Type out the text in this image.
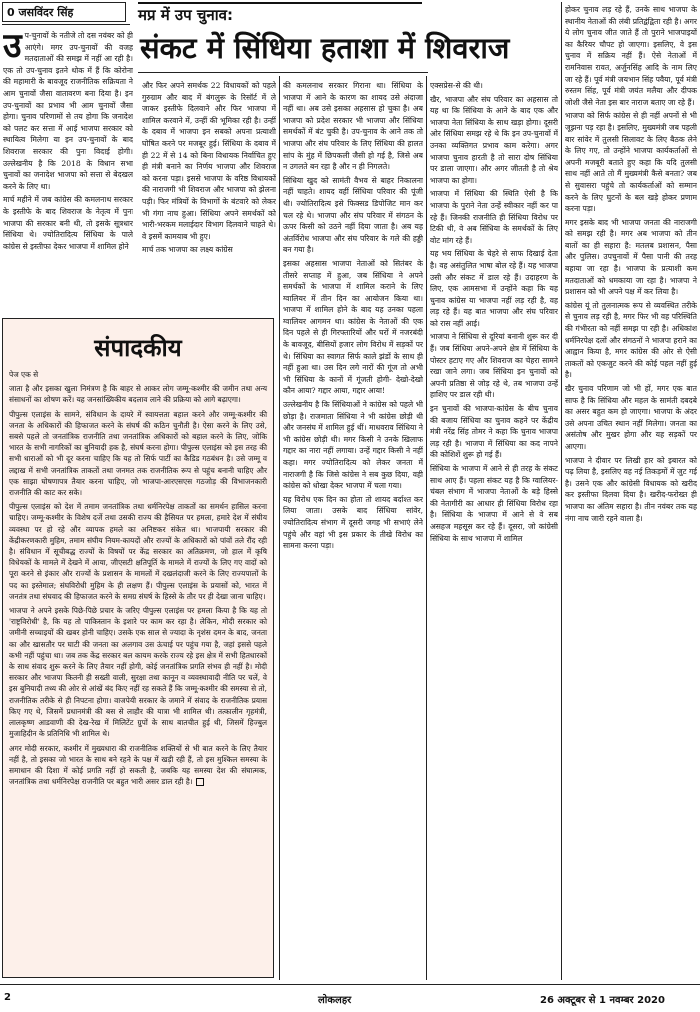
0 जसविंदर सिंह	मप्र में उप चुनाव:
संकट में सिंधिया हताशा में शिवराज
उ प-चुनावों के नतीजे तो दस नवंबर को ही आएंगे। मगर उप-चुनावों की वजह मतदाताओं की समझ में नहीं आ रही है। एक तो उप-चुनाव इतने थोक में हैं कि कोरोना की महामारी के बावजूद राजनीतिक सक्रियता ने आम चुनावों जैसा वातावरण बना दिया है। इन उप-चुनावों का प्रभाव भी आम चुनावों जैसा होगा। चुनाव परिणामों से तय होगा कि जनादेश को पलट कर सत्ता में आई भाजपा सरकार को स्थायित्व मिलेगा या इन उप-चुनावों के बाद शिवराज सरकार की पुनः विदाई होगी। उल्लेखनीय है कि 2018 के विधान सभा चुनावों का जनादेश भाजपा को सत्ता से बेदखल करने के लिए था।

मार्च महीने में जब कांग्रेस की कमलनाथ सरकार के इस्तीफे के बाद शिवराज के नेतृत्व में पुनः भाजपा की सरकार बनी थी, तो इसके सूत्रधार सिंधिया थे। ज्योतिरादित्य सिंधिया के पाले कांग्रेस से इस्तीफा देकर भाजपा में शामिल होने

और फिर अपने समर्थक 22 विधायकों को पहले गुरुग्राम और बाद में बंगलुरू के रिसॉर्ट में ले जाकर इस्तीफे दिलवाने और फिर भाजपा में शामिल करवाने में, उन्हीं की भूमिका रही है। उन्हीं के दबाव में भाजपा इन सबको अपना प्रत्याशी घोषित करने पर मजबूर हुई। सिंधिया के दबाव में ही 22 में से 14 को बिना विधायक निर्वाचित हुए ही मंत्री बनाने का निर्णय भाजपा और शिवराज को करना पड़ा। इससे भाजपा के वरिष्ठ विधायकों की नाराजगी भी शिवराज और भाजपा को झेलना पड़ी। फिर मंत्रियों के विभागों के बंटवारे को लेकर भी गंगा नाच हुआ। सिंधिया अपने समर्थकों को भारी-भरकम मलाईदार विभाग दिलवाने चाहते थे। वे इसमें कामयाब भी हुए।

मार्च तक भाजपा का लक्ष्य कांग्रेस

की कमलनाथ सरकार गिराना था। सिंधिया के भाजपा में आने के कारण का शायद उसे अंदाजा नहीं था। अब उसे इसका अहसास हो चुका है। अब भाजपा को प्रदेश सरकार भी भाजपा और सिंधिया समर्थकों में बंट चुकी है। उप-चुनाव के आने तक तो भाजपा और संघ परिवार के लिए सिंधिया की हालत सांप के मुंह में छिपकली जैसी हो गई है, जिसे अब न उगलते बन रहा है और न ही निगलते।

सिंधिया खुद को सामंती वैभव से बाहर निकालना नहीं चाहते। शायद वहीं सिंधिया परिवार की पूंजी थी। ज्योतिरादित्य इसे फिक्सड डिपोजिट मान कर चल रहे थे। भाजपा और संघ परिवार में संगठन के ऊपर किसी को उठने नहीं दिया जाता है। अब यह अंतर्विरोध भाजपा और संघ परिवार के गले की हड्डी बन गया है।

इसका अहसास भाजपा नेताओं को सितंबर के तीसरे सप्ताह में हुआ, जब सिंधिया ने अपने समर्थकों के भाजपा में शामिल कराने के लिए ग्वालियर में तीन दिन का आयोजन किया था। भाजपा में शामिल होने के बाद यह उनका पहला ग्वालियर आगमन था। कांग्रेस के नेताओं की एक दिन पहले से ही गिरफ्तारियों और घरों में नजरबंदी के बावजूद, बीसियों हजार लोग विरोध में सड़कों पर थे। सिंधिया का स्वागत सिर्फ काले झंडों के साथ ही नहीं हुआ था। उस दिन लगे नारों की गूंज तो अभी भी सिंधिया के कानों में गूंजती होगी- देखो-देखो कौन आया? गद्दार आया, गद्दार आया!

उल्लेखनीय है कि सिंधियाओं ने कांग्रेस को पहले भी छोड़ा है। राजमाता सिंधिया ने भी कांग्रेस छोड़ी थी और जनसंघ में शामिल हुई थीं। माधवराव सिंधिया ने भी कांग्रेस छोड़ी थी। मगर किसी ने उनके खिलाफ गद्दार का नारा नहीं लगाया। उन्हें गद्दार किसी ने नहीं कहा। मगर ज्योतिरादित्य को लेकर जनता में नाराजगी है कि जिसे कांग्रेस ने सब कुछ दिया, वही कांग्रेस को धोखा देकर भाजपा में चला गया।

यह विरोध एक दिन का होता तो शायद बर्दाश्त कर लिया जाता। उसके बाद सिंधिया सांवेर, ज्योतिरादित्य संभाग में दूसरी जगह भी सभाएं लेने पहुंचे और वहां भी इस प्रकार के तीखे विरोध का सामना करना पड़ा।

एक्सप्रेस-से की थी।

खैर, भाजपा और संघ परिवार का अहसास तो यह था कि सिंधिया के आने के बाद एक और भाजपा नेता सिंधिया के साथ खड़ा होगा। दूसरी ओर सिंधिया समझ रहे थे कि इन उप-चुनावों में उनका व्यक्तिगत प्रभाव काम करेगा। अगर भाजपा चुनाव हारती है तो सारा दोष सिंधिया पर डाला जाएगा। और अगर जीतती है तो श्रेय भाजपा का होगा।

भाजपा में सिंधिया की स्थिति ऐसी है कि भाजपा के पुराने नेता उन्हें स्वीकार नहीं कर पा रहे हैं। जिनकी राजनीति ही सिंधिया विरोध पर टिकी थी, वे अब सिंधिया के समर्थकों के लिए वोट मांग रहे हैं।

यह भय सिंधिया के चेहरे से साफ दिखाई देता है। वह असंतुलित भाषा बोल रहे हैं। यह भाजपा उसी और संकट में डाल रहे हैं। उदाहरण के लिए, एक आमसभा में उन्होंने कहा कि यह चुनाव कांग्रेस या भाजपा नहीं लड़ रही है, वह लड़ रहे हैं। यह बात भाजपा और संघ परिवार को रास नहीं आई।

भाजपा ने सिंधिया से दूरियां बनानी शुरू कर दी हैं। जब सिंधिया अपने-अपने क्षेत्र में सिंधिया के पोस्टर हटाए गए और शिवराज का चेहरा सामने रखा जाने लगा। जब सिंधिया इन चुनावों को अपनी प्रतिष्ठा से जोड़ रहे थे, तब भाजपा उन्हें हाशिए पर डाल रही थी।

इन चुनावों की भाजपा-कांग्रेस के बीच चुनाव की बजाय सिंधिया का चुनाव कहने पर केंद्रीय मंत्री नरेंद्र सिंह तोमर ने कहा कि चुनाव भाजपा लड़ रही है। भाजपा में सिंधिया का कद नापने की कोशिशें शुरू हो गई हैं।

सिंधिया के भाजपा में आने से ही तरह के संकट साथ आए हैं। पहला संकट यह है कि ग्वालियर-चंबल संभाग में भाजपा नेताओं के बड़े हिस्से की नेतागीरी का आधार ही सिंधिया विरोध रहा है। सिंधिया के भाजपा में आने से वे सब असहज महसूस कर रहे हैं। दूसरा, जो कांग्रेसी सिंधिया के साथ भाजपा में शामिल

होकर चुनाव लड़ रहे हैं, उनके साथ भाजपा के स्थानीय नेताओं की लंबी प्रतिद्वंद्विता रही है। अगर ये लोग चुनाव जीत जाते हैं तो पुराने भाजपाइयों का कैरियर चौपट हो जाएगा। इसलिए, वे इस चुनाव में सक्रिय नहीं हैं। ऐसे नेताओं में रामनिवास रावत, अर्जुनसिंह आदि के नाम लिए जा रहे हैं। पूर्व मंत्री जयभान सिंह पवैया, पूर्व मंत्री रुस्तम सिंह, पूर्व मंत्री जयंत मलैया और दीपक जोशी जैसे नेता इस बार नाराज बताए जा रहे हैं।

भाजपा को सिर्फ कांग्रेस से ही नहीं अपनों से भी जूझना पड़ रहा है। इसलिए, मुख्यमंत्री जब पहली बार सांवेर में तुलसी सिलावट के लिए बैठक लेने के लिए गए, तो उन्होंने भाजपा कार्यकर्ताओं से अपनी मजबूरी बताते हुए कहा कि यदि तुलसी साथ नहीं आते तो मैं मुख्यमंत्री कैसे बनता? जब से सुवासरा पहुंचे तो कार्यकर्ताओं को सम्मान करने के लिए घुटनों के बल खड़े होकर प्रणाम करना पड़ा।

मगर इसके बाद भी भाजपा जनता की नाराजगी को समझ रही है। मगर अब भाजपा को तीन बातों का ही सहारा है: मतलब प्रशासन, पैसा और पुलिस। उपचुनावों में पैसा पानी की तरह बहाया जा रहा है। भाजपा के प्रत्याशी कम मतदाताओं को धमकाया जा रहा है। भाजपा ने प्रशासन को भी अपने पक्ष में कर लिया है।

कांग्रेस यूं तो तुलनात्मक रूप से व्यवस्थित तरीके से चुनाव लड़ रही है, मगर फिर भी वह परिस्थिति की गंभीरता को नहीं समझ पा रही है। अधिकांश धर्मनिरपेक्ष दलों और संगठनों ने भाजपा हराने का आह्वान किया है, मगर कांग्रेस की ओर से ऐसी ताकतों को एकजुट करने की कोई पहल नहीं हुई है।

खैर चुनाव परिणाम जो भी हों, मगर एक बात साफ है कि सिंधिया और महल के सामंती दबदबे का असर बहुत कम हो जाएगा। भाजपा के अंदर उसे अपना उचित स्थान नहीं मिलेगा। जनता का असंतोष और मुखर होगा और यह सड़कों पर आएगा।

भाजपा ने दीवार पर लिखी हार को इबारत को पढ़ लिया है, इसलिए वह नई तिकड़मों में जुट गई है। उसने एक और कांग्रेसी विधायक को खरीद कर इस्तीफा दिलवा दिया है। खरीद-फरोख्त ही भाजपा का अंतिम सहारा है। तीन नवंबर तक यह नंगा नाच जारी रहने वाला है।

संपादकीय

पेज एक से

जाता है और इसका खुला निमंत्रण है कि बाहर से आकर लोग जम्मू-कश्मीर की जमीन तथा अन्य संसाधनों का शोषण करें। यह जनसांख्यिकीय बदलाव लाने की प्रक्रिया को आगे बढ़ाएगा।

पीपुल्स एलाइंस के सामने, संविधान के दायरे में स्वायत्तता बहाल करने और जम्मू-कश्मीर की जनता के अधिकारों की हिफाजत करने के संघर्ष की कठिन चुनौती है। ऐसा करने के लिए उसे, सबसे पहले तो जनतांत्रिक राजनीति तथा जनतांत्रिक अधिकारों को बहाल करने के लिए, जोकि भारत के सभी नागरिकों का बुनियादी हक है, संघर्ष करना होगा। पीपुल्स एलाइंस को इस तरह की सभी धाराओं को भी दूर करना चाहिए कि यह तो सिर्फ पार्टी का कैडिड गठबंधन है। उसे जम्मू व लद्दाख में सभी जनतांत्रिक ताकतों तथा जनमत तक राजनीतिक रूप से पहुंच बनानी चाहिए और एक साझा घोषणापत्र तैयार करना चाहिए, जो भाजपा-आरएसएस गठजोड़ की विभाजनकारी राजनीति की काट कर सके।

पीपुल्स एलाइंस को देश में तमाम जनतांत्रिक तथा धर्मनिरपेक्ष ताकतों का समर्थन हासिल करना चाहिए। जम्मू-कश्मीर के विशेष दर्जे तथा उसकी राज्य की हैसियत पर हमला, हमारे देश में संघीय व्यवस्था पर हो रहे और व्यापक हमले का अनिष्टकर संकेत था। भाजपायी सरकार की केंद्रीकरणकारी मुहिम, तमाम संघीय नियम-कायदों और राज्यों के अधिकारों को पांवों तले रौंद रही है। संविधान में सूचीबद्ध राज्यों के विषयों पर केंद्र सरकार का अतिक्रमण, जो हाल में कृषि विधेयकों के मामले में देखने में आया, जीएसटी क्षतिपूर्ति के मामले में राज्यों के लिए गए वादों को पूरा करने से इंकार और राज्यों के प्रशासन के मामलों में दखलंदाजी करने के लिए राज्यपालों के पद का इस्तेमाल; संघविरोधी मुहिम के ही लक्षण हैं। पीपुल्स एलाइंस के प्रयासों को, भारत में जनतंत्र तथा संघवाद की हिफाजत करने के समग्र संघर्ष के हिस्से के तौर पर ही देखा जाना चाहिए।

भाजपा ने अपने इसके पिछे-पिछे प्रचार के जरिए पीपुल्स एलाइंस पर हमला किया है कि यह तो 'राष्ट्रविरोधी' है, कि यह तो पाकिस्तान के इशारे पर काम कर रहा है। लेकिन, मोदी सरकार को जमीनी सच्चाइयों की खबर होनी चाहिए। उसके एक साल से ज्यादा के नृशंस दमन के बाद, जनता का और खासतौर पर घाटी की जनता का अलगाव उस ऊंचाई पर पहुंच गया है, जहां इससे पहले कभी नहीं पहुंचा था। जब तक केंद्र सरकार बल कायम करके राज्य रहे इस क्षेत्र में सभी हितधारकों के साथ संवाद शुरू करने के लिए तैयार नहीं होगी, कोई जनतांत्रिक प्रगति संभव ही नहीं है। मोदी सरकार और भाजपा कितनी ही सख्ती वाली, सुरक्षा तथा कानून व व्यवस्थावादी नीति पर चलें, वे इस बुनियादी तथ्य की ओर से आंखें बंद किए नहीं रह सकते हैं कि जम्मू-कश्मीर की समस्या से तो, राजनीतिक तरीके से ही निपटना होगा। वाजपेयी सरकार के जमाने में संवाद के राजनीतिक प्रयास किए गए थे, जिसमें प्रधानमंत्री की बस से लाहौर की यात्रा भी शामिल थी। तत्कालीन गृहमंत्री, लालकृष्ण आडवाणी की देख-रेख में मिलिटेंट ग्रुपों के साथ बातचीत हुई थी, जिसमें हिज्बुल मुजाहिदीन के प्रतिनिधि भी शामिल थे।

अगर मोदी सरकार, कश्मीर में मुख्यधारा की राजनीतिक शक्तियों से भी बात करने के लिए तैयार नहीं है, तो इसका जो भारत के साथ बने रहने के पक्ष में खड़ी रही हैं, तो इस मुश्किल समस्या के समाधान की दिशा में कोई प्रगति नहीं हो सकती है, जबकि यह समस्या देश की संघात्मक, जनतांत्रिक तथा धर्मनिरपेक्ष राजनीति पर बहुत भारी असर डाल रही है।

2	लोकलहर	26 अक्टूबर से 1 नवम्बर 2020
